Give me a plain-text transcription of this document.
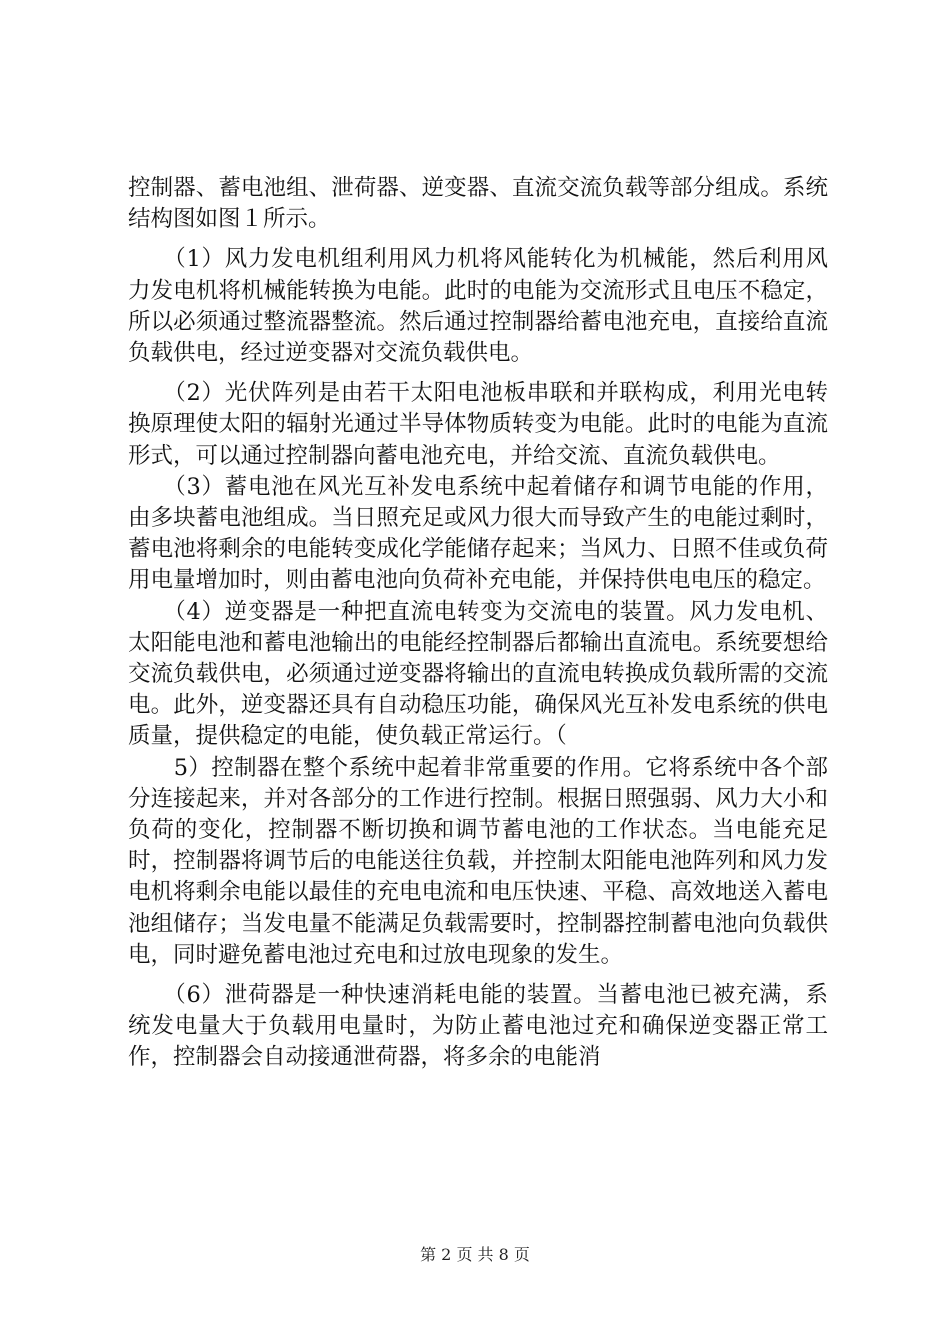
控制器、蓄电池组、泄荷器、逆变器、直流交流负载等部分组成。系统结构图如图１所示。

　　（1）风力发电机组利用风力机将风能转化为机械能，然后利用风力发电机将机械能转换为电能。此时的电能为交流形式且电压不稳定，所以必须通过整流器整流。然后通过控制器给蓄电池充电，直接给直流负载供电，经过逆变器对交流负载供电。

　　（2）光伏阵列是由若干太阳电池板串联和并联构成，利用光电转换原理使太阳的辐射光通过半导体物质转变为电能。此时的电能为直流形式，可以通过控制器向蓄电池充电，并给交流、直流负载供电。

　　（3）蓄电池在风光互补发电系统中起着储存和调节电能的作用，由多块蓄电池组成。当日照充足或风力很大而导致产生的电能过剩时，蓄电池将剩余的电能转变成化学能储存起来；当风力、日照不佳或负荷用电量增加时，则由蓄电池向负荷补充电能，并保持供电电压的稳定。

　　（4）逆变器是一种把直流电转变为交流电的装置。风力发电机、太阳能电池和蓄电池输出的电能经控制器后都输出直流电。系统要想给交流负载供电，必须通过逆变器将输出的直流电转换成负载所需的交流电。此外，逆变器还具有自动稳压功能，确保风光互补发电系统的供电质量，提供稳定的电能，使负载正常运行。（

　　5）控制器在整个系统中起着非常重要的作用。它将系统中各个部分连接起来，并对各部分的工作进行控制。根据日照强弱、风力大小和负荷的变化，控制器不断切换和调节蓄电池的工作状态。当电能充足时，控制器将调节后的电能送往负载，并控制太阳能电池阵列和风力发电机将剩余电能以最佳的充电电流和电压快速、平稳、高效地送入蓄电池组储存；当发电量不能满足负载需要时，控制器控制蓄电池向负载供电，同时避免蓄电池过充电和过放电现象的发生。

　　（6）泄荷器是一种快速消耗电能的装置。当蓄电池已被充满，系统发电量大于负载用电量时，为防止蓄电池过充和确保逆变器正常工作，控制器会自动接通泄荷器，将多余的电能消

第 2 页 共 8 页
